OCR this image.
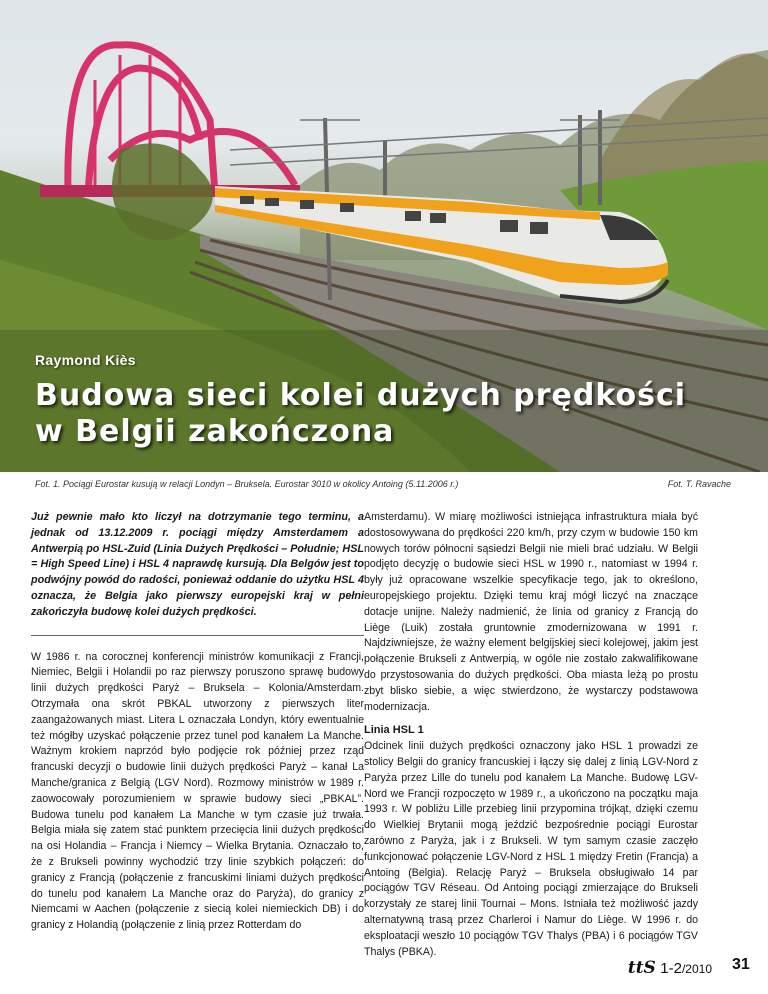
Raymond Kiès
Budowa sieci kolei dużych prędkości
w Belgii zakończona
Fot. 1. Pociągi Eurostar kusują w relacji Londyn – Bruksela. Eurostar 3010 w okolicy Antoing (5.11.2006 r.)	Fot. T. Ravache

Już pewnie mało kto liczył na dotrzymanie tego terminu, a jednak od 13.12.2009 r. pociągi między Amsterdamem a Antwerpią po HSL-Zuid (Linia Dużych Prędkości – Południe; HSL = High Speed Line) i HSL 4 naprawdę kursują. Dla Belgów jest to podwójny powód do radości, ponieważ oddanie do użytku HSL 4 oznacza, że Belgia jako pierwszy europejski kraj w pełni zakończyła budowę kolei dużych prędkości.

W 1986 r. na corocznej konferencji ministrów komunikacji z Francji, Niemiec, Belgii i Holandii po raz pierwszy poruszono sprawę budowy linii dużych prędkości Paryż – Bruksela – Kolonia/Amsterdam. Otrzymała ona skrót PBKAL utworzony z pierwszych liter zaangażowanych miast. Litera L oznaczała Londyn, który ewentualnie też mógłby uzyskać połączenie przez tunel pod kanałem La Manche. Ważnym krokiem naprzód było podjęcie rok później przez rząd francuski decyzji o budowie linii dużych prędkości Paryż – kanał La Manche/granica z Belgią (LGV Nord). Rozmowy ministrów w 1989 r. zaowocowały porozumieniem w sprawie budowy sieci „PBKAL”. Budowa tunelu pod kanałem La Manche w tym czasie już trwała. Belgia miała się zatem stać punktem przecięcia linii dużych prędkości na osi Holandia – Francja i Niemcy – Wielka Brytania. Oznaczało to, że z Brukseli powinny wychodzić trzy linie szybkich połączeń: do granicy z Francją (połączenie z francuskimi liniami dużych prędkości do tunelu pod kanałem La Manche oraz do Paryża), do granicy z Niemcami w Aachen (połączenie z siecią kolei niemieckich DB) i do granicy z Holandią (połączenie z linią przez Rotterdam do

Amsterdamu). W miarę możliwości istniejąca infrastruktura miała być dostosowywana do prędkości 220 km/h, przy czym w budowie 150 km nowych torów północni sąsiedzi Belgii nie mieli brać udziału. W Belgii podjęto decyzję o budowie sieci HSL w 1990 r., natomiast w 1994 r. były już opracowane wszelkie specyfikacje tego, jak to określono, europejskiego projektu. Dzięki temu kraj mógł liczyć na znaczące dotacje unijne. Należy nadmienić, że linia od granicy z Francją do Liège (Luik) została gruntownie zmodernizowana w 1991 r. Najdziwniejsze, że ważny element belgijskiej sieci kolejowej, jakim jest połączenie Brukseli z Antwerpią, w ogóle nie zostało zakwalifikowane do przystosowania do dużych prędkości. Oba miasta leżą po prostu zbyt blisko siebie, a więc stwierdzono, że wystarczy podstawowa modernizacja.

Linia HSL 1

Odcinek linii dużych prędkości oznaczony jako HSL 1 prowadzi ze stolicy Belgii do granicy francuskiej i łączy się dalej z linią LGV-Nord z Paryża przez Lille do tunelu pod kanałem La Manche. Budowę LGV-Nord we Francji rozpoczęto w 1989 r., a ukończono na początku maja 1993 r. W pobliżu Lille przebieg linii przypomina trójkąt, dzięki czemu do Wielkiej Brytanii mogą jeździć bezpośrednie pociągi Eurostar zarówno z Paryża, jak i z Brukseli. W tym samym czasie zaczęło funkcjonować połączenie LGV-Nord z HSL 1 między Fretin (Francja) a Antoing (Belgia). Relację Paryż – Bruksela obsługiwało 14 par pociągów TGV Réseau. Od Antoing pociągi zmierzające do Brukseli korzystały ze starej linii Tournai – Mons. Istniała też możliwość jazdy alternatywną trasą przez Charleroi i Namur do Liège. W 1996 r. do eksploatacji weszło 10 pociągów TGV Thalys (PBA) i 6 pociągów TGV Thalys (PBKA).

ttS 1-2/2010 31
